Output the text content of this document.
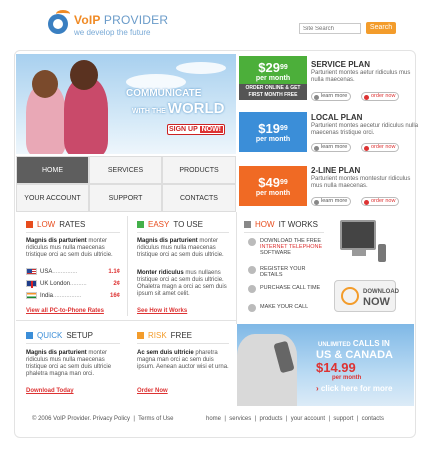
VoIP PROVIDER
we develop the future
Site Search
Search
COMMUNICATE
WITH THE WORLD
SIGN UP NOW!
$\$29^{99}$
per month
ORDER ONLINE & GET FIRST MONTH FREE
SERVICE PLAN
Parturient montes aetur ridiculus mus nulla maecenas.
learn more	order now
$\$19^{99}$
per month
LOCAL PLAN
Parturient montes aecetur ridiculus nulla maecenas tristique orci.
learn more	order now
$\$49^{99}$
per month
2-LINE PLAN
Parturient montes montestur ridiculus mus nulla maecenas.
learn more	order now
HOME	SERVICES	PRODUCTS
YOUR ACCOUNT	SUPPORT	CONTACTS
LOW RATES
Magnis dis parturient monter ridiculus mus nulla maecenas tristique orci ac sem duis ultricie.
USA ...............	1.1¢
UK London ..........	2¢
India .................	16¢
View all PC-to-Phone Rates
EASY TO USE
Magnis dis parturient monter ridiculus mus nulla maecenas tristique orci ac sem duis ultricie.
Monter ridiculus mus nullaens tristique orci ac sem duis ultricie. Ohaletra magn a orci ac sem duis ipsum sit amet celit.
See How it Works
HOW IT WORKS
DOWNLOAD THE FREE
INTERNET TELEPHONE
SOFTWARE
REGISTER YOUR DETAILS
PURCHASE CALL TIME
MAKE YOUR CALL
DOWNLOAD
NOW
QUICK SETUP
Magnis dis parturient monter ridiculus mus nulla maecenas tristique orci ac sem duis ultricie phaletra magna man orci.
Download Today
RISK FREE
Ac sem duis ultricie pharetra magna man orci ac sem duis ipsum. Aenean auctor wisi et urna.
Order Now
UNLIMITED CALLS IN
US & CANADA
$14.99
per month
› click here for more
© 2006 VoIP Provider. Privacy Policy  |  Terms of Use	home  |  services  |  products  |  your account  |  support  |  contacts
